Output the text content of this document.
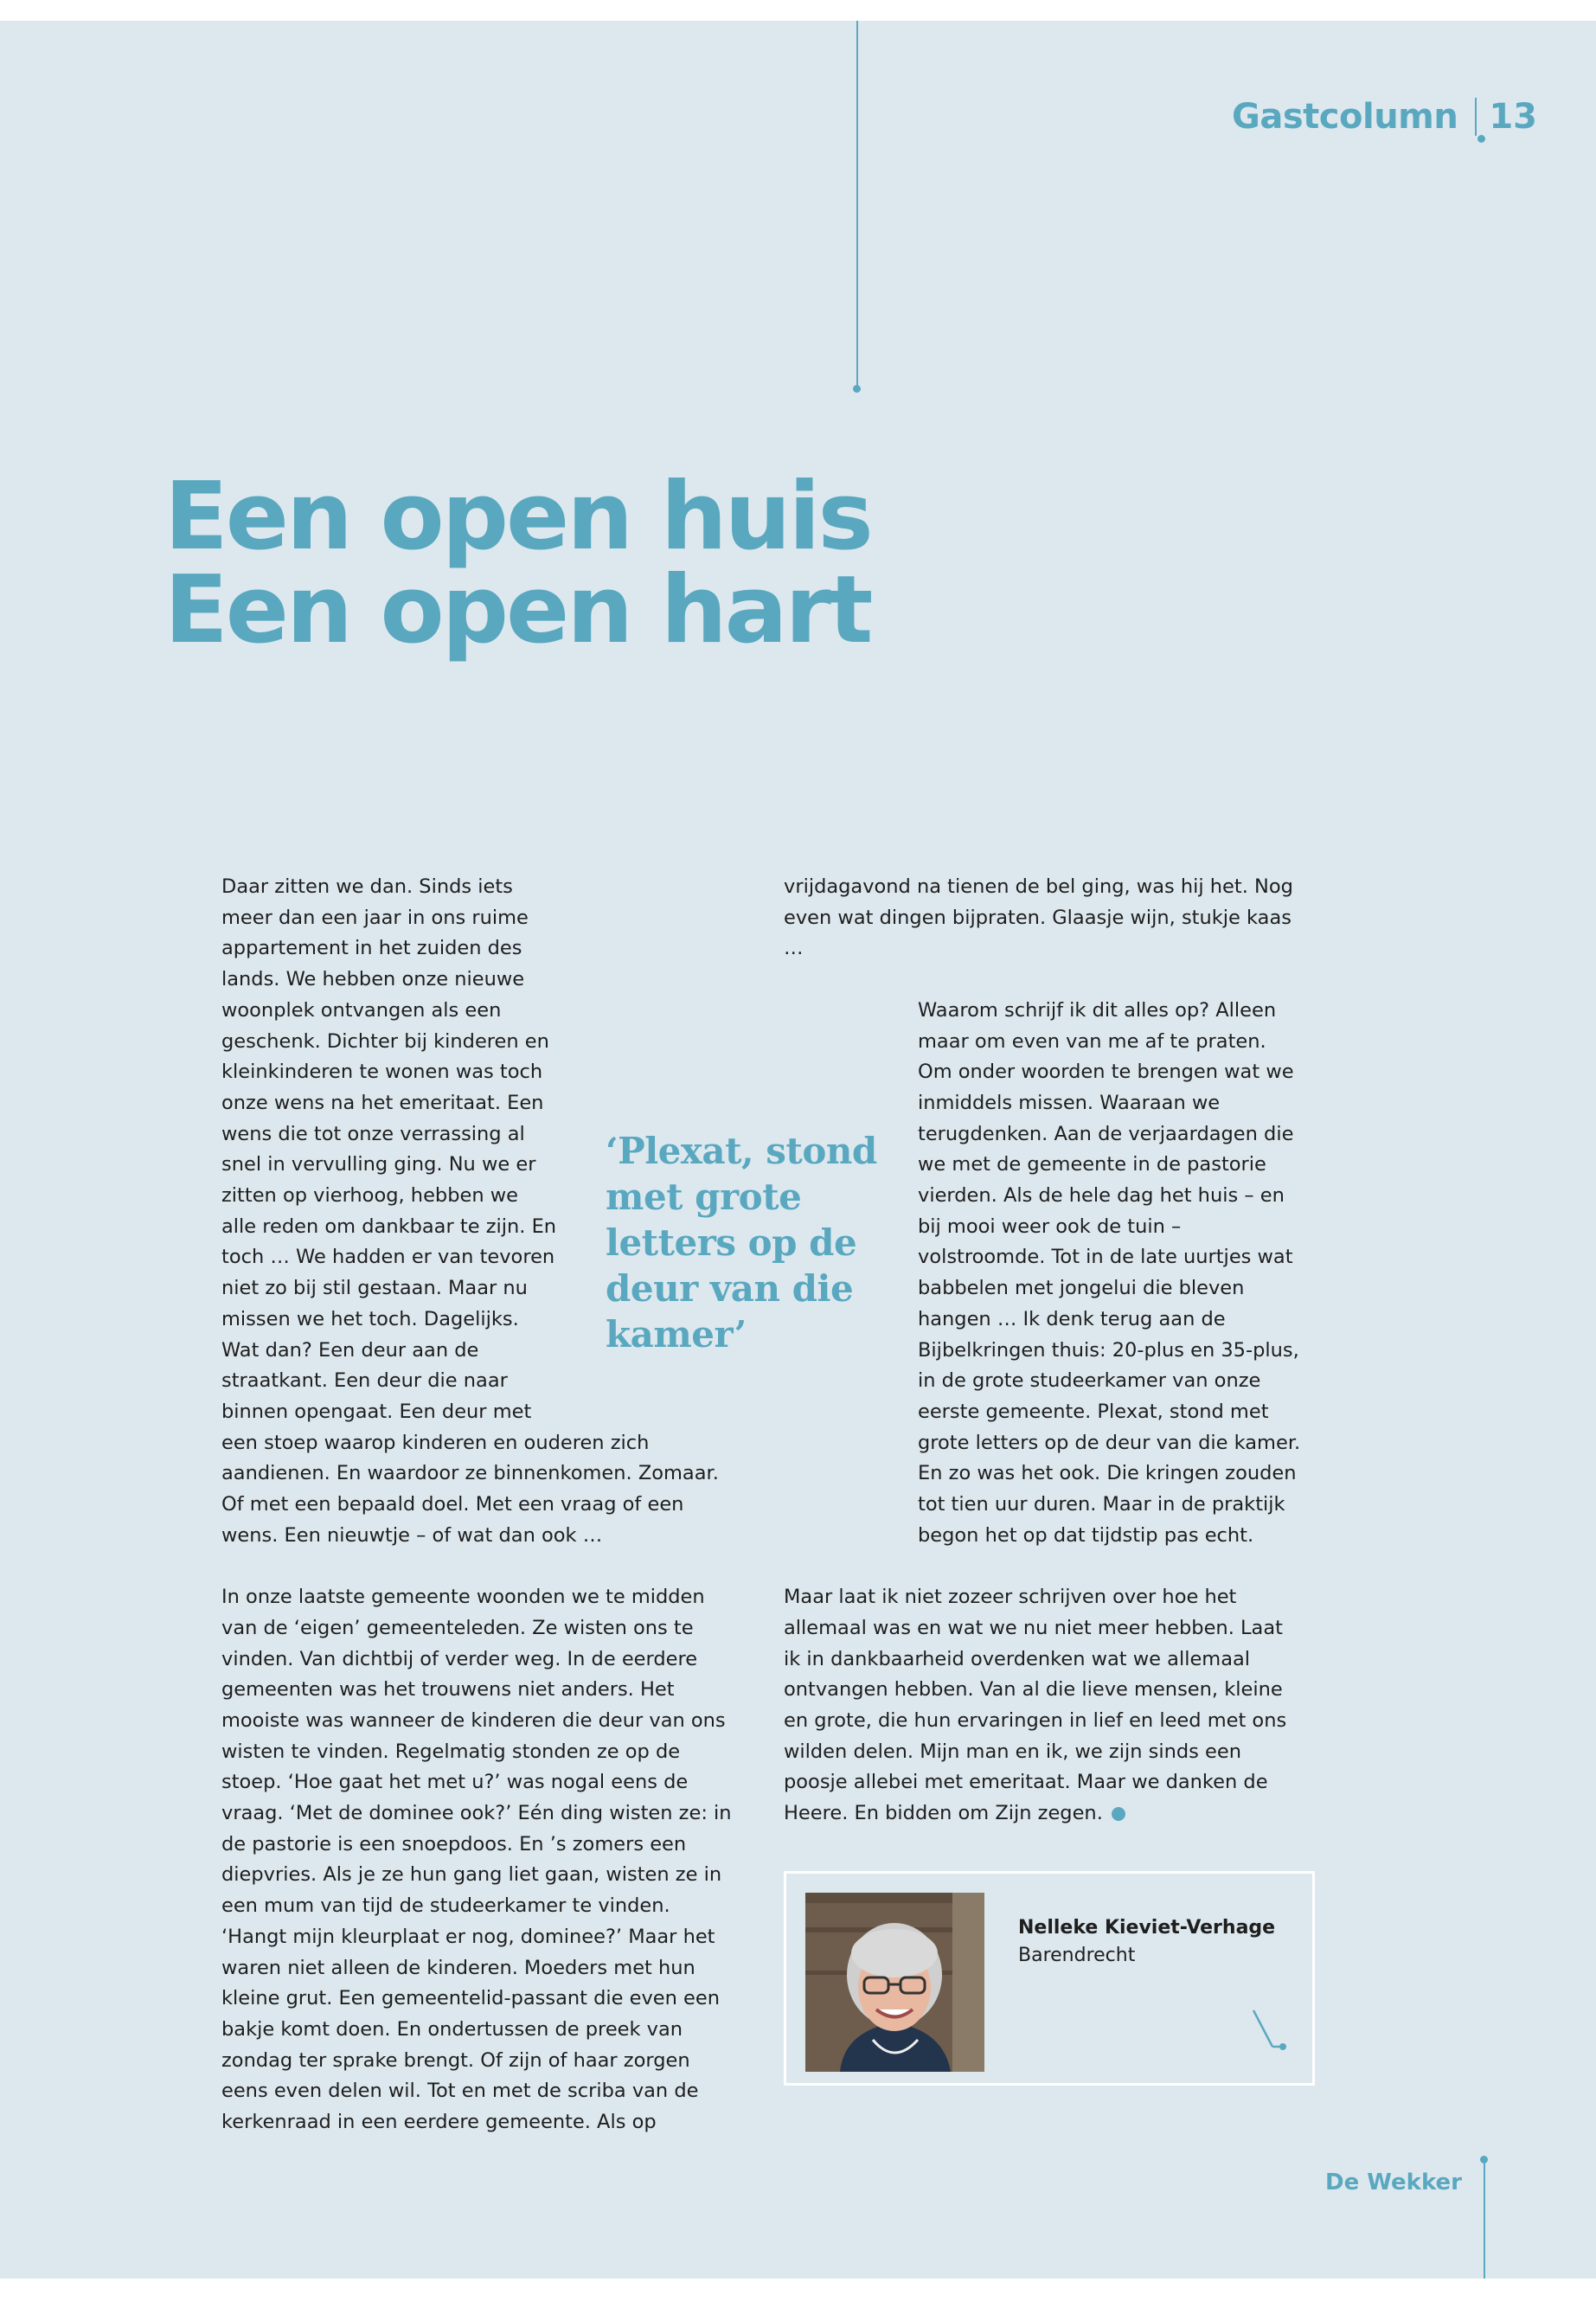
Gastcolumn 13
Een open huis
Een open hart

Daar zitten we dan. Sinds iets meer dan een jaar in ons ruime appartement in het zuiden des lands. We hebben onze nieuwe woonplek ontvangen als een geschenk. Dichter bij kinderen en kleinkinderen te wonen was toch onze wens na het emeritaat. Een wens die tot onze verrassing al snel in vervulling ging. Nu we er zitten op vierhoog, hebben we alle reden om dankbaar te zijn. En toch … We hadden er van tevoren niet zo bij stil gestaan. Maar nu missen we het toch. Dagelijks. Wat dan? Een deur aan de straatkant. Een deur die naar binnen opengaat. Een deur met een stoep waarop kinderen en ouderen zich aandienen. En waardoor ze binnenkomen. Zomaar. Of met een bepaald doel. Met een vraag of een wens. Een nieuwtje – of wat dan ook …

In onze laatste gemeente woonden we te midden van de ‘eigen’ gemeenteleden. Ze wisten ons te vinden. Van dichtbij of verder weg. In de eerdere gemeenten was het trouwens niet anders. Het mooiste was wanneer de kinderen die deur van ons wisten te vinden. Regelmatig stonden ze op de stoep. ‘Hoe gaat het met u?’ was nogal eens de vraag. ‘Met de dominee ook?’ Eén ding wisten ze: in de pastorie is een snoepdoos. En ’s zomers een diepvries. Als je ze hun gang liet gaan, wisten ze in een mum van tijd de studeerkamer te vinden. ‘Hangt mijn kleurplaat er nog, dominee?’ Maar het waren niet alleen de kinderen. Moeders met hun kleine grut. Een gemeentelid-passant die even een bakje komt doen. En ondertussen de preek van zondag ter sprake brengt. Of zijn of haar zorgen eens even delen wil. Tot en met de scriba van de kerkenraad in een eerdere gemeente. Als op

vrijdagavond na tienen de bel ging, was hij het. Nog even wat dingen bijpraten. Glaasje wijn, stukje kaas …

Waarom schrijf ik dit alles op? Alleen maar om even van me af te praten. Om onder woorden te brengen wat we inmiddels missen. Waaraan we terugdenken. Aan de verjaardagen die we met de gemeente in de pastorie vierden. Als de hele dag het huis – en bij mooi weer ook de tuin – volstroomde. Tot in de late uurtjes wat babbelen met jongelui die bleven hangen … Ik denk terug aan de Bijbelkringen thuis: 20-plus en 35-plus, in de grote studeerkamer van onze eerste gemeente. Plexat, stond met grote letters op de deur van die kamer. En zo was het ook. Die kringen zouden tot tien uur duren. Maar in de praktijk begon het op dat tijdstip pas echt.

Maar laat ik niet zozeer schrijven over hoe het allemaal was en wat we nu niet meer hebben. Laat ik in dankbaarheid overdenken wat we allemaal ontvangen hebben. Van al die lieve mensen, kleine en grote, die hun ervaringen in lief en leed met ons wilden delen. Mijn man en ik, we zijn sinds een poosje allebei met emeritaat. Maar we danken de Heere. En bidden om Zijn zegen.

‘Plexat, stond met grote letters op de deur van die kamer’
Nelleke Kieviet-Verhage
Barendrecht
De Wekker
